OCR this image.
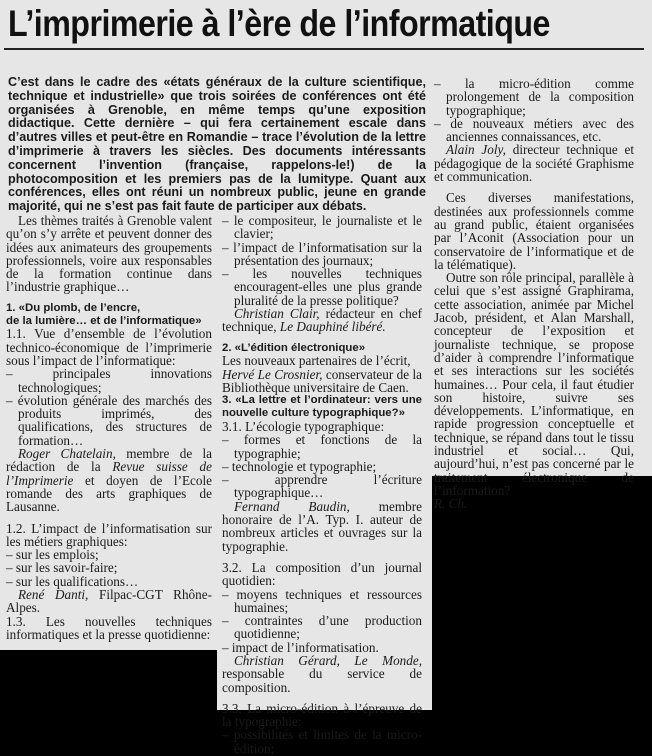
L’imprimerie à l’ère de l’informatique

C’est dans le cadre des «états généraux de la culture scientifique, technique et industrielle» que trois soirées de conférences ont été organisées à Grenoble, en même temps qu’une exposition didactique. Cette dernière – qui fera certainement escale dans d’autres villes et peut-être en Romandie – trace l’évolution de la lettre d’imprimerie à travers les siècles. Des documents intéressants concernent l’invention (française, rappelons-le!) de la photocomposition et les premiers pas de la lumitype. Quant aux conférences, elles ont réuni un nombreux public, jeune en grande majorité, qui ne s’est pas fait faute de participer aux débats.

Les thèmes traités à Grenoble valent qu’on s’y arrête et peuvent donner des idées aux animateurs des groupements professionnels, voire aux responsables de la formation continue dans l’industrie graphique…

1. «Du plomb, de l’encre,

de la lumière… et de l’informatique»

1.1. Vue d’ensemble de l’évolution technico-économique de l’imprimerie sous l’impact de l’informatique:

– principales innovations technologiques;

– évolution générale des marchés des produits imprimés, des qualifications, des structures de formation…

Roger Chatelain, membre de la rédaction de la Revue suisse de l’Imprimerie et doyen de l’Ecole romande des arts graphiques de Lausanne.

1.2. L’impact de l’informatisation sur les métiers graphiques:

– sur les emplois;

– sur les savoir-faire;

– sur les qualifications…

René Danti, Filpac-CGT Rhône-Alpes.

1.3. Les nouvelles techniques informatiques et la presse quotidienne:

– le compositeur, le journaliste et le clavier;

– l’impact de l’informatisation sur la présentation des journaux;

– les nouvelles techniques encouragent-elles une plus grande pluralité de la presse politique?

Christian Clair, rédacteur en chef technique, Le Dauphiné libéré.

2. «L’édition électronique»

Les nouveaux partenaires de l’écrit,

Hervé Le Crosnier, conservateur de la Bibliothèque universitaire de Caen.

3. «La lettre et l’ordinateur: vers une nouvelle culture typographique?»

3.1. L’écologie typographique:

– formes et fonctions de la typographie;

– technologie et typographie;

– apprendre l’écriture typographique…

Fernand Baudin, membre honoraire de l’A. Typ. I. auteur de nombreux articles et ouvrages sur la typographie.

3.2. La composition d’un journal quotidien:

– moyens techniques et ressources humaines;

– contraintes d’une production quotidienne;

– impact de l’informatisation.

Christian Gérard, Le Monde, responsable du service de composition.

3.3. La micro-édition à l’épreuve de la typographie:

– possibilités et limites de la micro-édition;

– la micro-édition comme prolongement de la composition typographique;

– de nouveaux métiers avec des anciennes connaissances, etc.

Alain Joly, directeur technique et pédagogique de la société Graphisme et communication.

Ces diverses manifestations, destinées aux professionnels comme au grand public, étaient organisées par l’Aconit (Association pour un conservatoire de l’informatique et de la télématique).

Outre son rôle principal, parallèle à celui que s’est assigné Graphirama, cette association, animée par Michel Jacob, président, et Alan Marshall, concepteur de l’exposition et journaliste technique, se propose d’aider à comprendre l’informatique et ses interactions sur les sociétés humaines… Pour cela, il faut étudier son histoire, suivre ses développements. L’informatique, en rapide progression conceptuelle et technique, se répand dans tout le tissu industriel et social… Qui, aujourd’hui, n’est pas concerné par le traitement électronique de l’information?

R. Ch.
